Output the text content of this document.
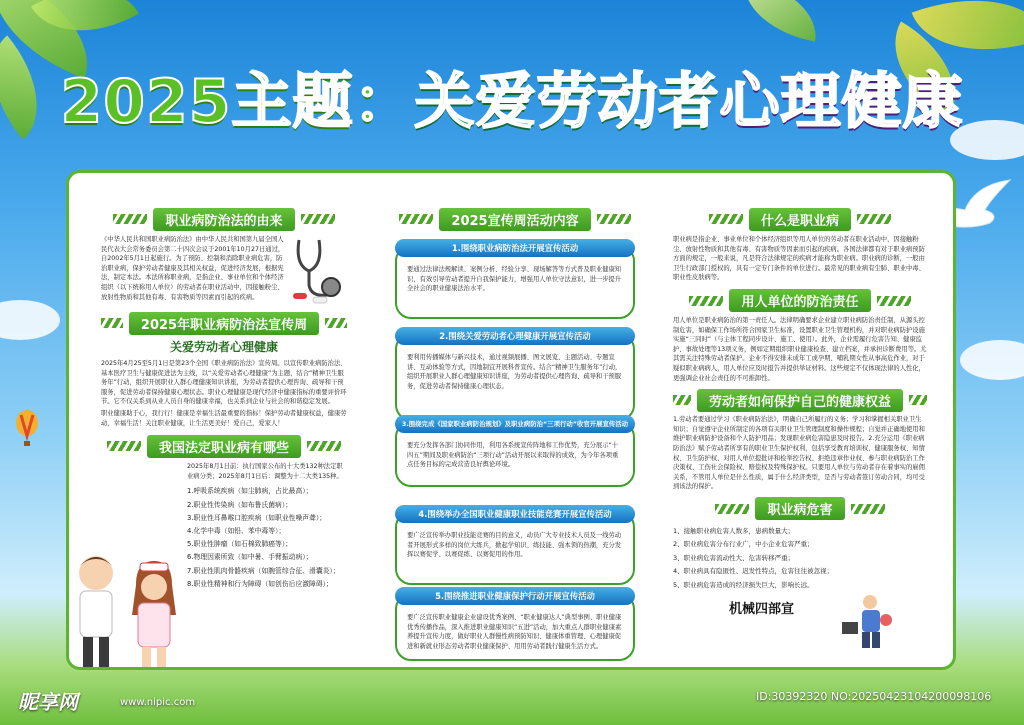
2025主题：关爱劳动者心理健康
职业病防治法的由来
《中华人民共和国职业病防治法》由中华人民共和国第九届全国人民代表大会常务委员会第二十四次会议于2001年10月27日通过，自2002年5月1日起施行。为了预防、控制和消除职业病危害，防治职业病，保护劳动者健康及其相关权益，促进经济发展，根据宪法，制定本法。本法所称职业病，是指企业、事业单位和个体经济组织（以下统称用人单位）的劳动者在职业活动中，因接触粉尘、放射性物质和其他有毒、有害物质等因素而引起的疾病。
2025年职业病防治法宣传周
关爱劳动者心理健康
2025年4月25至5月1日是第23个全国《职业病防治法》宣传周。以宣传职业病防治法、基本医疗卫生与健康促进法为主线，以“关爱劳动者心理健康”为主题，结合“精神卫生服务年”行动，组织开展职业人群心理健康知识讲座，为劳动者提供心理咨询、疏导和干预服务，促进劳动者保持健康心理状态。职业心理健康是现代经济中健康指标的重要评价环节。它不仅关系到从业人员自身的健康幸福，也关系到企业与社会的和谐稳定发展。
职业健康助于心，我行行！健康是幸福生活最重要的指标！保护劳动者健康权益，健康劳动，幸福生活！关注职业健康，让生活更美好！爱自己，爱家人！
我国法定职业病有哪些
2025年8月1日前：执行国家公布的十大类132种法定职业病分类；2025年8月1日后：调整为十二大类135种。
1.呼吸系统疾病（如尘肺病，占比最高）；
2.职业性传染病（如布鲁氏菌病）；
3.职业性耳鼻喉口腔疾病（如职业性噪声聋）；
4.化学中毒（如铅、苯中毒等）；
5.职业性肿瘤（如石棉致肺癌等）；
6.物理因素所致（如中暑、手臂振动病）；
7.职业性肌肉骨骼疾病（如腕管综合征、滑囊炎）；
8.职业性精神和行为障碍（如创伤后应激障碍）；
2025宣传周活动内容
要通过法律法规解读、案例分析、经验分享、现场解答等方式普及职业健康知识，有效引导劳动者提升自我保护能力，增强用人单位守法意识，进一步提升全社会的职业健康法治水平。
1.围绕职业病防治法开展宣传活动
要利用传播媒体与新兴技术，通过视频展播、图文展览、主题活动、专题宣讲、互动体验等方式，因地制宜开展科普宣传。结合“精神卫生服务年”行动，组织开展职业人群心理健康知识讲座，为劳动者提供心理咨询、疏导和干预服务，促进劳动者保持健康心理状态。
2.围绕关爱劳动者心理健康开展宣传活动
要充分发挥各部门协同作用，利用各系统宣传阵地和工作优势，充分展示“十四五”期间及职业病防治“三项行动”活动开展以来取得的成效，为今年各项重点任务目标的完成营造良好舆论环境。
3.围绕完成《国家职业病防治规划》及职业病防治“三项行动”收官开展宣传活动
要广泛宣传举办职业技能竞赛的目的意义，动员广大专业技术人员及一线劳动者开展形式多样的岗位大练兵，掀起学知识、练技能、强本领的热潮，充分发挥以赛促学、以赛促练、以赛促用的作用。
4.围绕举办全国职业健康职业技能竞赛开展宣传活动
要广泛宣传职业健康企业建设优秀案例、“职业健康达人”典型事例、职业健康优秀传播作品，深入推进职业健康知识“五进”活动，加大重点人群职业健康素养提升宣传力度，做好职业人群慢性病预防知识、健康体重管理、心理健康促进和新就业形态劳动者职业健康保护、用用劳动者践行健康生活方式。
5.围绕推进职业健康保护行动开展宣传活动
什么是职业病
职业病是指企业、事业单位和个体经济组织等用人单位的劳动者在职业活动中，因接触粉尘、放射性物质和其他有毒、有害物质等因素而引起的疾病。各国法律都有对于职业病预防方面的规定，一般来说，凡是符合法律规定的疾病才能称为职业病。职业病的诊断，一般由卫生行政部门授权的，具有一定专门条件的单位进行。最常见的职业病有尘肺、职业中毒、职业性皮肤病等。
用人单位的防治责任
用人单位是职业病防治的第一责任人。法律明确要求企业建立职业病防治责任制，从源头控制危害，如确保工作场所符合国家卫生标准，设置职业卫生管理机构，并对职业病防护设施实施“三同时”（与主体工程同步设计、施工、使用）。此外，企业需履行危害告知、健康监护、事故处理等13项义务，例如定期组织职业健康检查、建立档案，并承担诊断费用等。尤其需关注特殊劳动者保护。企业不得安排未成年工或孕期、哺乳期女性从事高危作业，对于疑似职业病病人，用人单位应及时报告并提供举证材料。这些规定不仅体现法律的人性化，更强调企业社会责任的不可推卸性。
劳动者如何保护自己的健康权益
1.劳动者要通过学习《职业病防治法》，明确自己所履行的义务；学习和掌握相关职业卫生知识；自觉遵守企业所制定的各项有关职业卫生管理制度和操作规程；自觉并正确地使用和维护职业病防护设备和个人防护用品；发现职业病危害隐患及时报告。2.充分运用《职业病防治法》赋予劳动者所享有的职业卫生保护权利，包括享受教育培训权、健康服务权、知情权、卫生防护权、对用人单位提批评和检举控告权、拒绝违章作业权、参与职业病防治工作决策权、工伤社会保险权、赔偿权及特殊保护权。只要用人单位与劳动者存在着事实的雇佣关系，不管用人单位是什么性质，属于什么经济类型，是否与劳动者签订劳动合同，均可受到该法的保护。
职业病危害
1、接触职业病危害人数多，患病数量大；
2、职业病危害分布行业广，中小企业危害严重；
3、职业病危害流动性大、危害转移严重；
4、职业病具有隐匿性、迟发性特点，危害往往被忽视；
5、职业病危害造成的经济损失巨大，影响长远。
机械四部宣
昵享网	www.nipic.com	ID:30392320 NO:20250423104200098106
